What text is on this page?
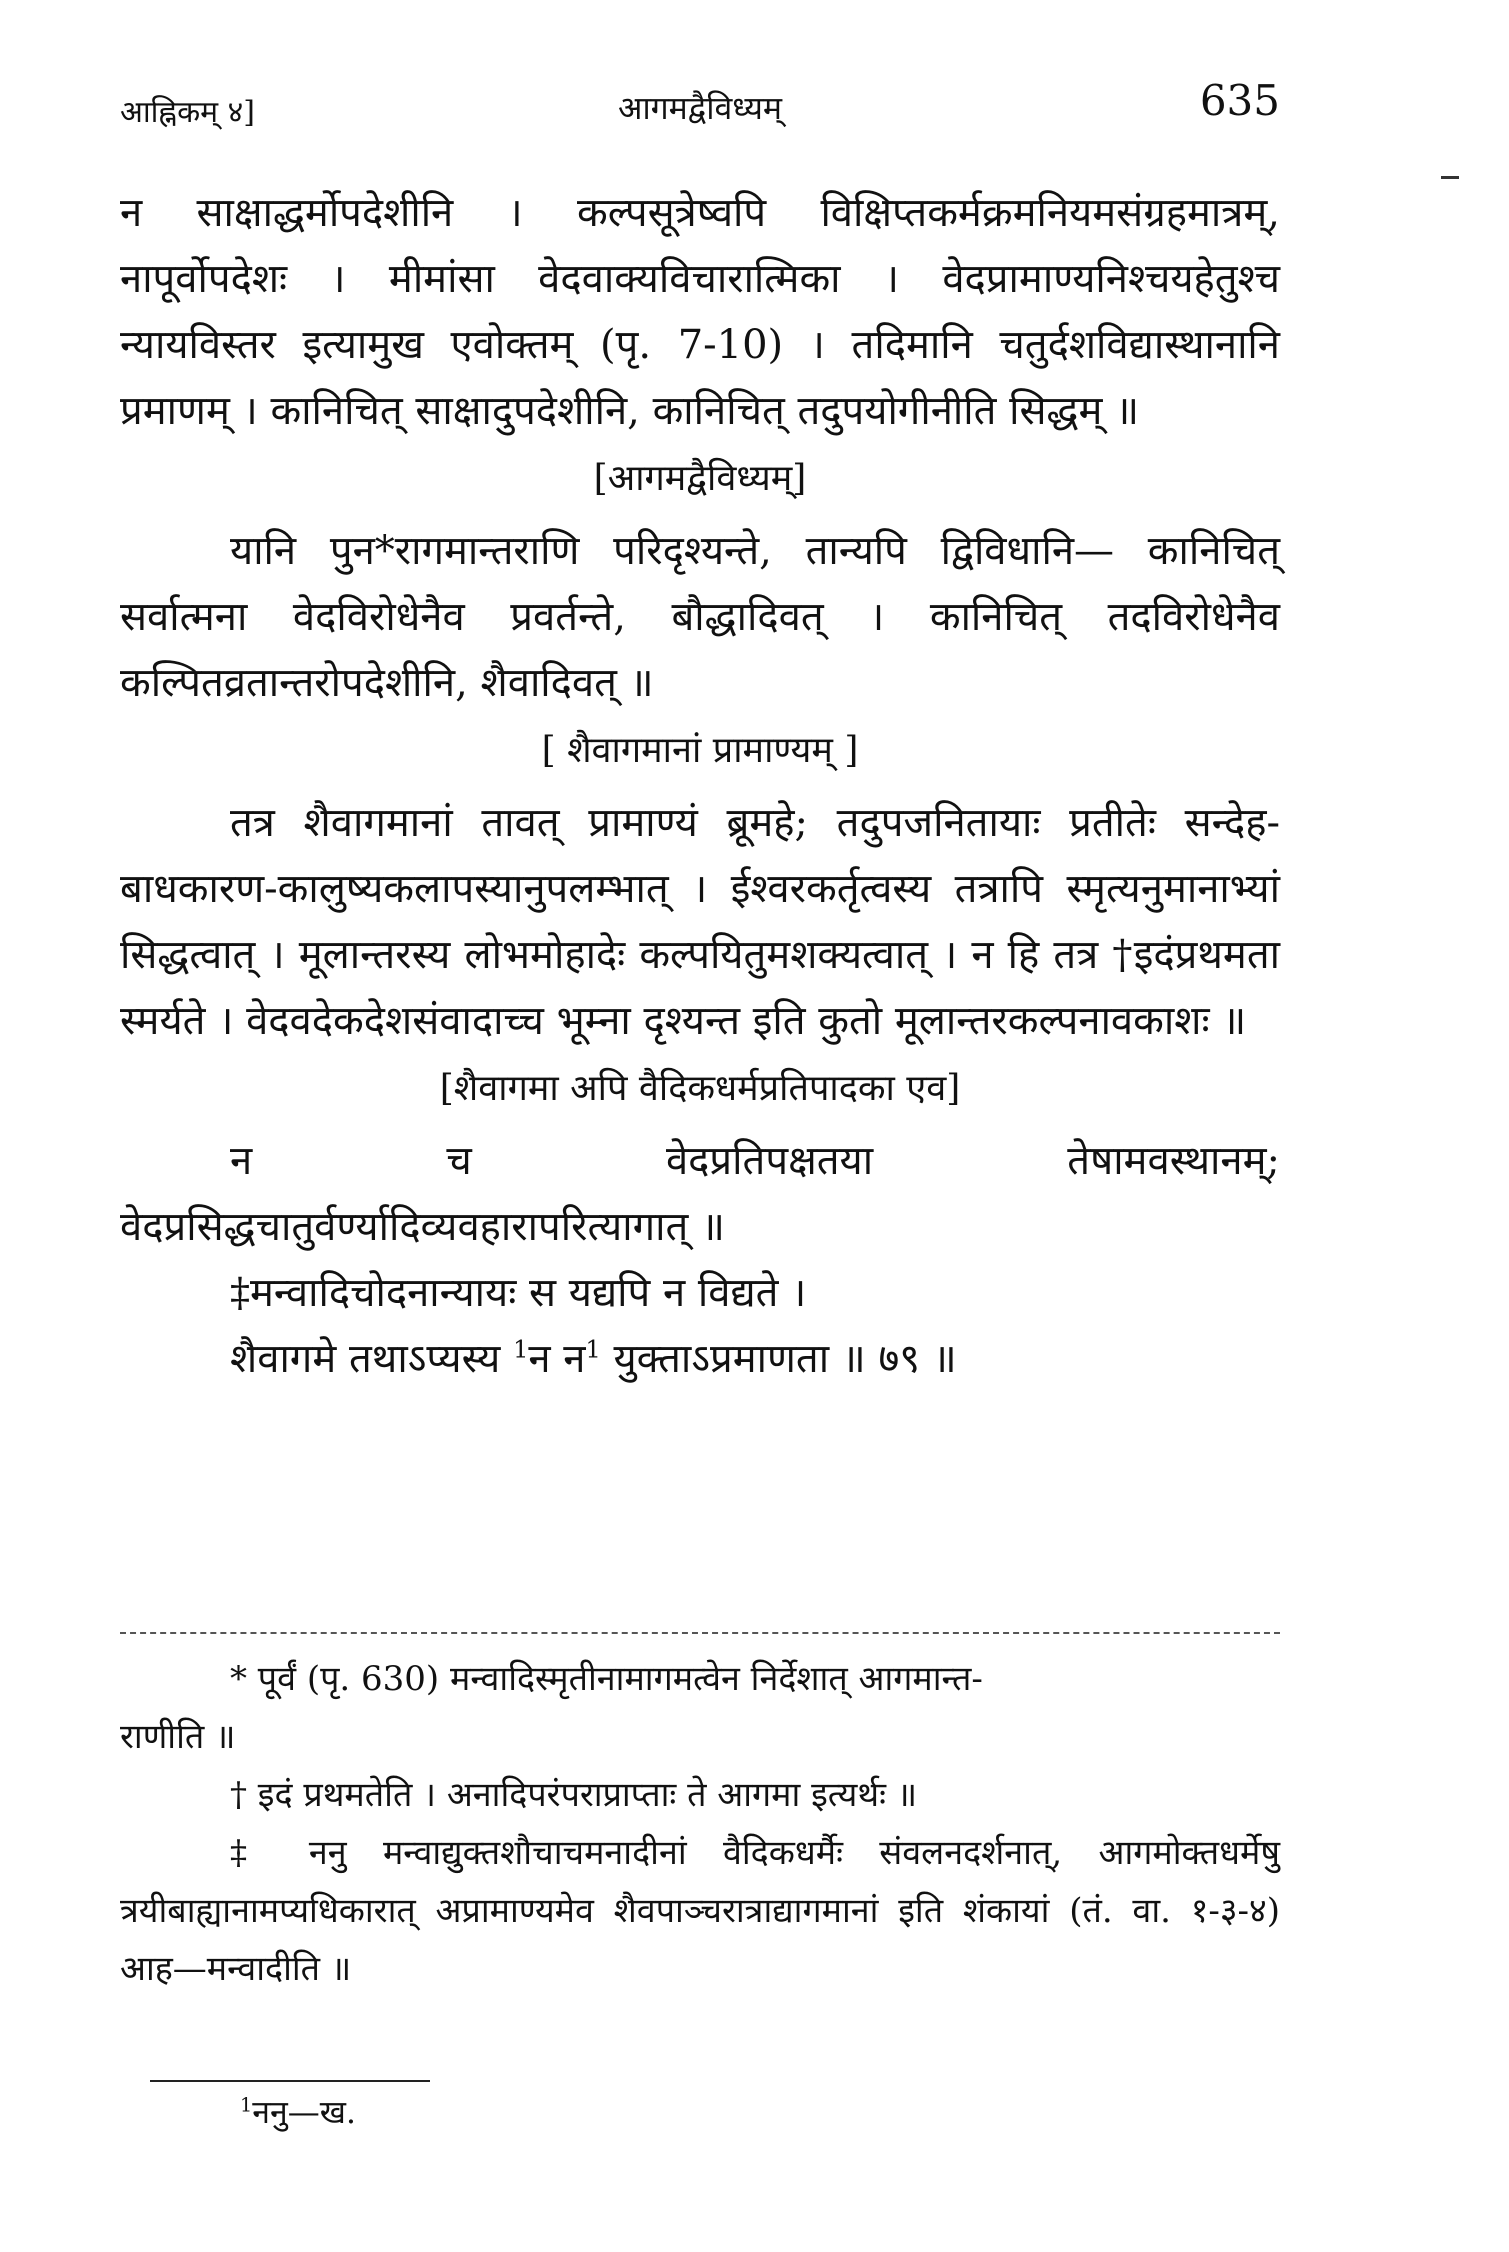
आह्निकम् ४]	आगमद्वैविध्यम्	635

न साक्षाद्धर्मोपदेशीनि । कल्पसूत्रेष्वपि विक्षिप्तकर्मक्रमनियमसंग्रहमात्रम्, नापूर्वोपदेशः । मीमांसा वेदवाक्यविचारात्मिका । वेदप्रामाण्यनिश्चयहेतुश्च न्यायविस्तर इत्यामुख एवोक्तम् (पृ. 7-10) । तदिमानि चतुर्दशविद्यास्थानानि प्रमाणम् । कानिचित् साक्षादुपदेशीनि, कानिचित् तदुपयोगीनीति सिद्धम् ॥

[आगमद्वैविध्यम्]

यानि पुन*रागमान्तराणि परिदृश्यन्ते, तान्यपि द्विविधानि— कानिचित् सर्वात्मना वेदविरोधेनैव प्रवर्तन्ते, बौद्धादिवत् । कानिचित् तदविरोधेनैव कल्पितव्रतान्तरोपदेशीनि, शैवादिवत् ॥

[ शैवागमानां प्रामाण्यम् ]

तत्र शैवागमानां तावत् प्रामाण्यं ब्रूमहे; तदुपजनितायाः प्रतीतेः सन्देह-बाधकारण-कालुष्यकलापस्यानुपलम्भात् । ईश्वरकर्तृत्वस्य तत्रापि स्मृत्यनुमानाभ्यां सिद्धत्वात् । मूलान्तरस्य लोभमोहादेः कल्पयितुमशक्यत्वात् । न हि तत्र †इदंप्रथमता स्मर्यते । वेदवदेकदेशसंवादाच्च भूम्ना दृश्यन्त इति कुतो मूलान्तरकल्पनावकाशः ॥

[शैवागमा अपि वैदिकधर्मप्रतिपादका एव]

न च वेदप्रतिपक्षतया तेषामवस्थानम्; वेदप्रसिद्धचातुर्वर्ण्यादिव्यवहारापरित्यागात् ॥

‡मन्वादिचोदनान्यायः स यद्यपि न विद्यते ।
शैवागमे तथाऽप्यस्य $^1$न न$^1$ युक्ताऽप्रमाणता ॥ ७९ ॥

* पूर्वं (पृ. 630) मन्वादिस्मृतीनामागमत्वेन निर्देशात् आगमान्त-

राणीति ॥

† इदं प्रथमतेति । अनादिपरंपराप्राप्ताः ते आगमा इत्यर्थः ॥

‡ ननु मन्वाद्युक्तशौचाचमनादीनां वैदिकधर्मैः संवलनदर्शनात्, आगमोक्तधर्मेषु त्रयीबाह्यानामप्यधिकारात् अप्रामाण्यमेव शैवपाञ्चरात्राद्यागमानां इति शंकायां (तं. वा. १-३-४) आह—मन्वादीति ॥

$^1$ननु—ख.
